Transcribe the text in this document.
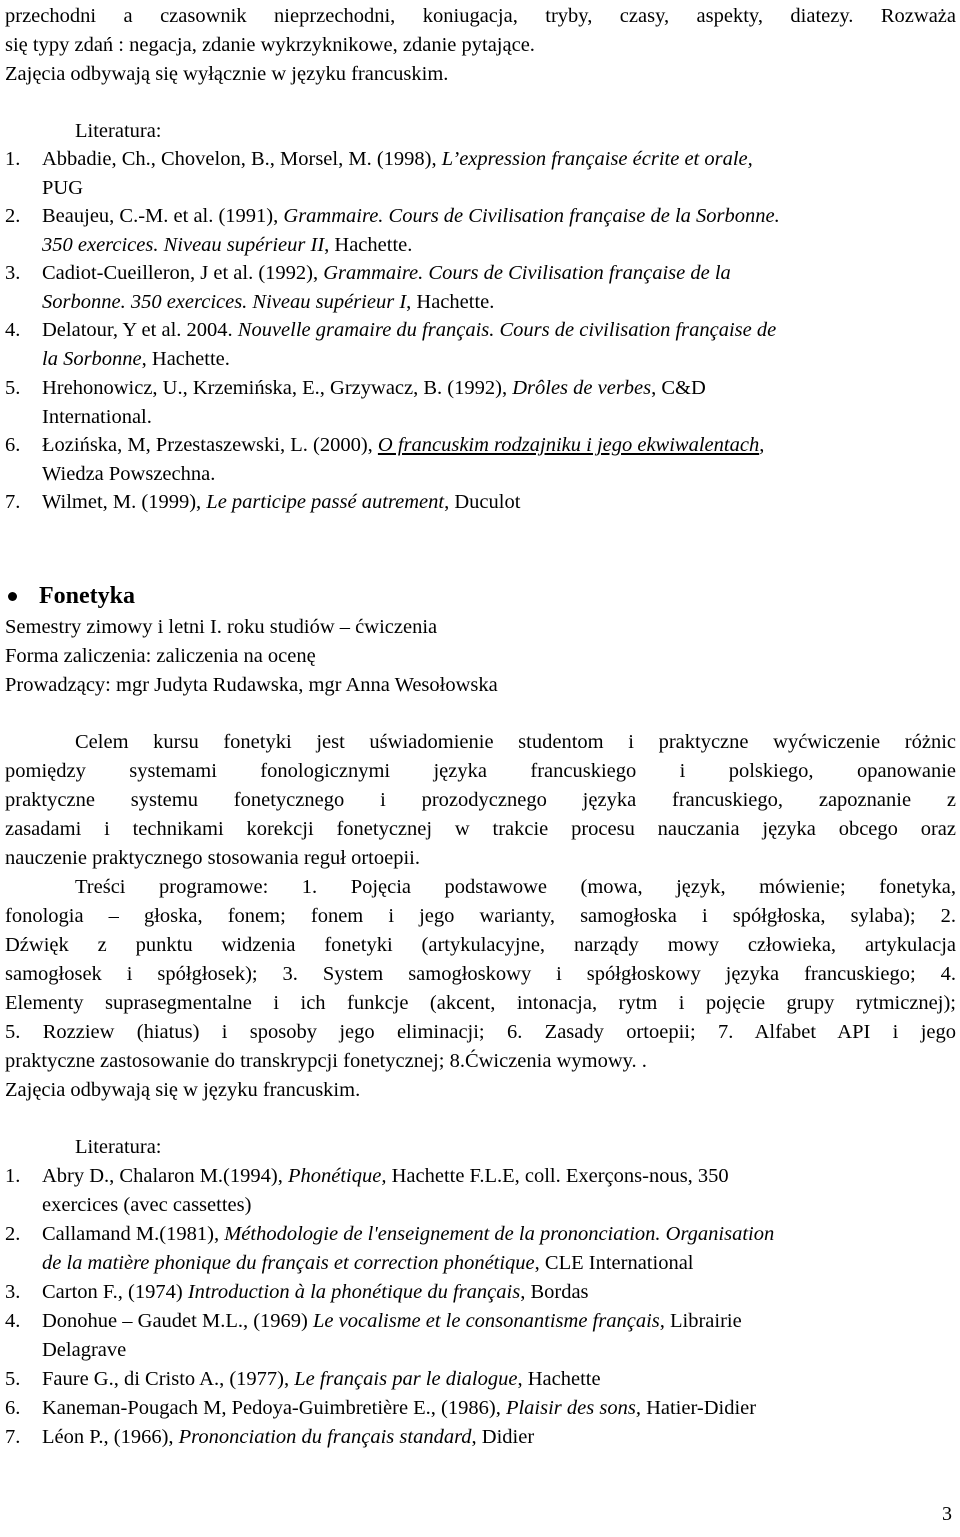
przechodni a czasownik nieprzechodni, koniugacja, tryby, czasy, aspekty, diatezy. Rozważa
się typy zdań : negacja, zdanie wykrzyknikowe, zdanie pytające.
Zajęcia odbywają się wyłącznie w języku francuskim.
Literatura:
1. Abbadie, Ch., Chovelon, B., Morsel, M. (1998), L’expression française écrite et orale,
PUG
2. Beaujeu, C.-M. et al. (1991), Grammaire. Cours de Civilisation française de la Sorbonne.
350 exercices. Niveau supérieur II, Hachette.
3. Cadiot-Cueilleron, J et al. (1992), Grammaire. Cours de Civilisation française de la
Sorbonne. 350 exercices. Niveau supérieur I, Hachette.
4. Delatour, Y et al. 2004. Nouvelle gramaire du français. Cours de civilisation française de
la Sorbonne, Hachette.
5. Hrehonowicz, U., Krzemińska, E., Grzywacz, B. (1992), Drôles de verbes, C&D
International.
6. Łozińska, M, Przestaszewski, L. (2000), O francuskim rodzajniku i jego ekwiwalentach,
Wiedza Powszechna.
7. Wilmet, M. (1999), Le participe passé autrement, Duculot
Fonetyka
Semestry zimowy i letni I. roku studiów – ćwiczenia
Forma zaliczenia: zaliczenia na ocenę
Prowadzący: mgr Judyta Rudawska, mgr Anna Wesołowska
Celem kursu fonetyki jest uświadomienie studentom i praktyczne wyćwiczenie różnic
pomiędzy systemami fonologicznymi języka francuskiego i polskiego, opanowanie
praktyczne systemu fonetycznego i prozodycznego języka francuskiego, zapoznanie z
zasadami i technikami korekcji fonetycznej w trakcie procesu nauczania języka obcego oraz
nauczenie praktycznego stosowania reguł ortoepii.
Treści programowe: 1. Pojęcia podstawowe (mowa, język, mówienie; fonetyka,
fonologia – głoska, fonem; fonem i jego warianty, samogłoska i spółgłoska, sylaba); 2.
Dźwięk z punktu widzenia fonetyki (artykulacyjne, narządy mowy człowieka, artykulacja
samogłosek i spółgłosek); 3. System samogłoskowy i spółgłoskowy języka francuskiego; 4.
Elementy suprasegmentalne i ich funkcje (akcent, intonacja, rytm i pojęcie grupy rytmicznej);
5. Rozziew (hiatus) i sposoby jego eliminacji; 6. Zasady ortoepii; 7. Alfabet API i jego
praktyczne zastosowanie do transkrypcji fonetycznej; 8.Ćwiczenia wymowy. .
Zajęcia odbywają się w języku francuskim.
Literatura:
1. Abry D., Chalaron M.(1994), Phonétique, Hachette F.L.E, coll. Exerçons-nous, 350
exercices (avec cassettes)
2. Callamand M.(1981), Méthodologie de l'enseignement de la prononciation. Organisation
de la matière phonique du français et correction phonétique, CLE International
3. Carton F., (1974) Introduction à la phonétique du français, Bordas
4. Donohue – Gaudet M.L., (1969) Le vocalisme et le consonantisme français, Librairie
Delagrave
5. Faure G., di Cristo A., (1977), Le français par le dialogue, Hachette
6. Kaneman-Pougach M, Pedoya-Guimbretière E., (1986), Plaisir des sons, Hatier-Didier
7. Léon P., (1966), Prononciation du français standard, Didier
3
